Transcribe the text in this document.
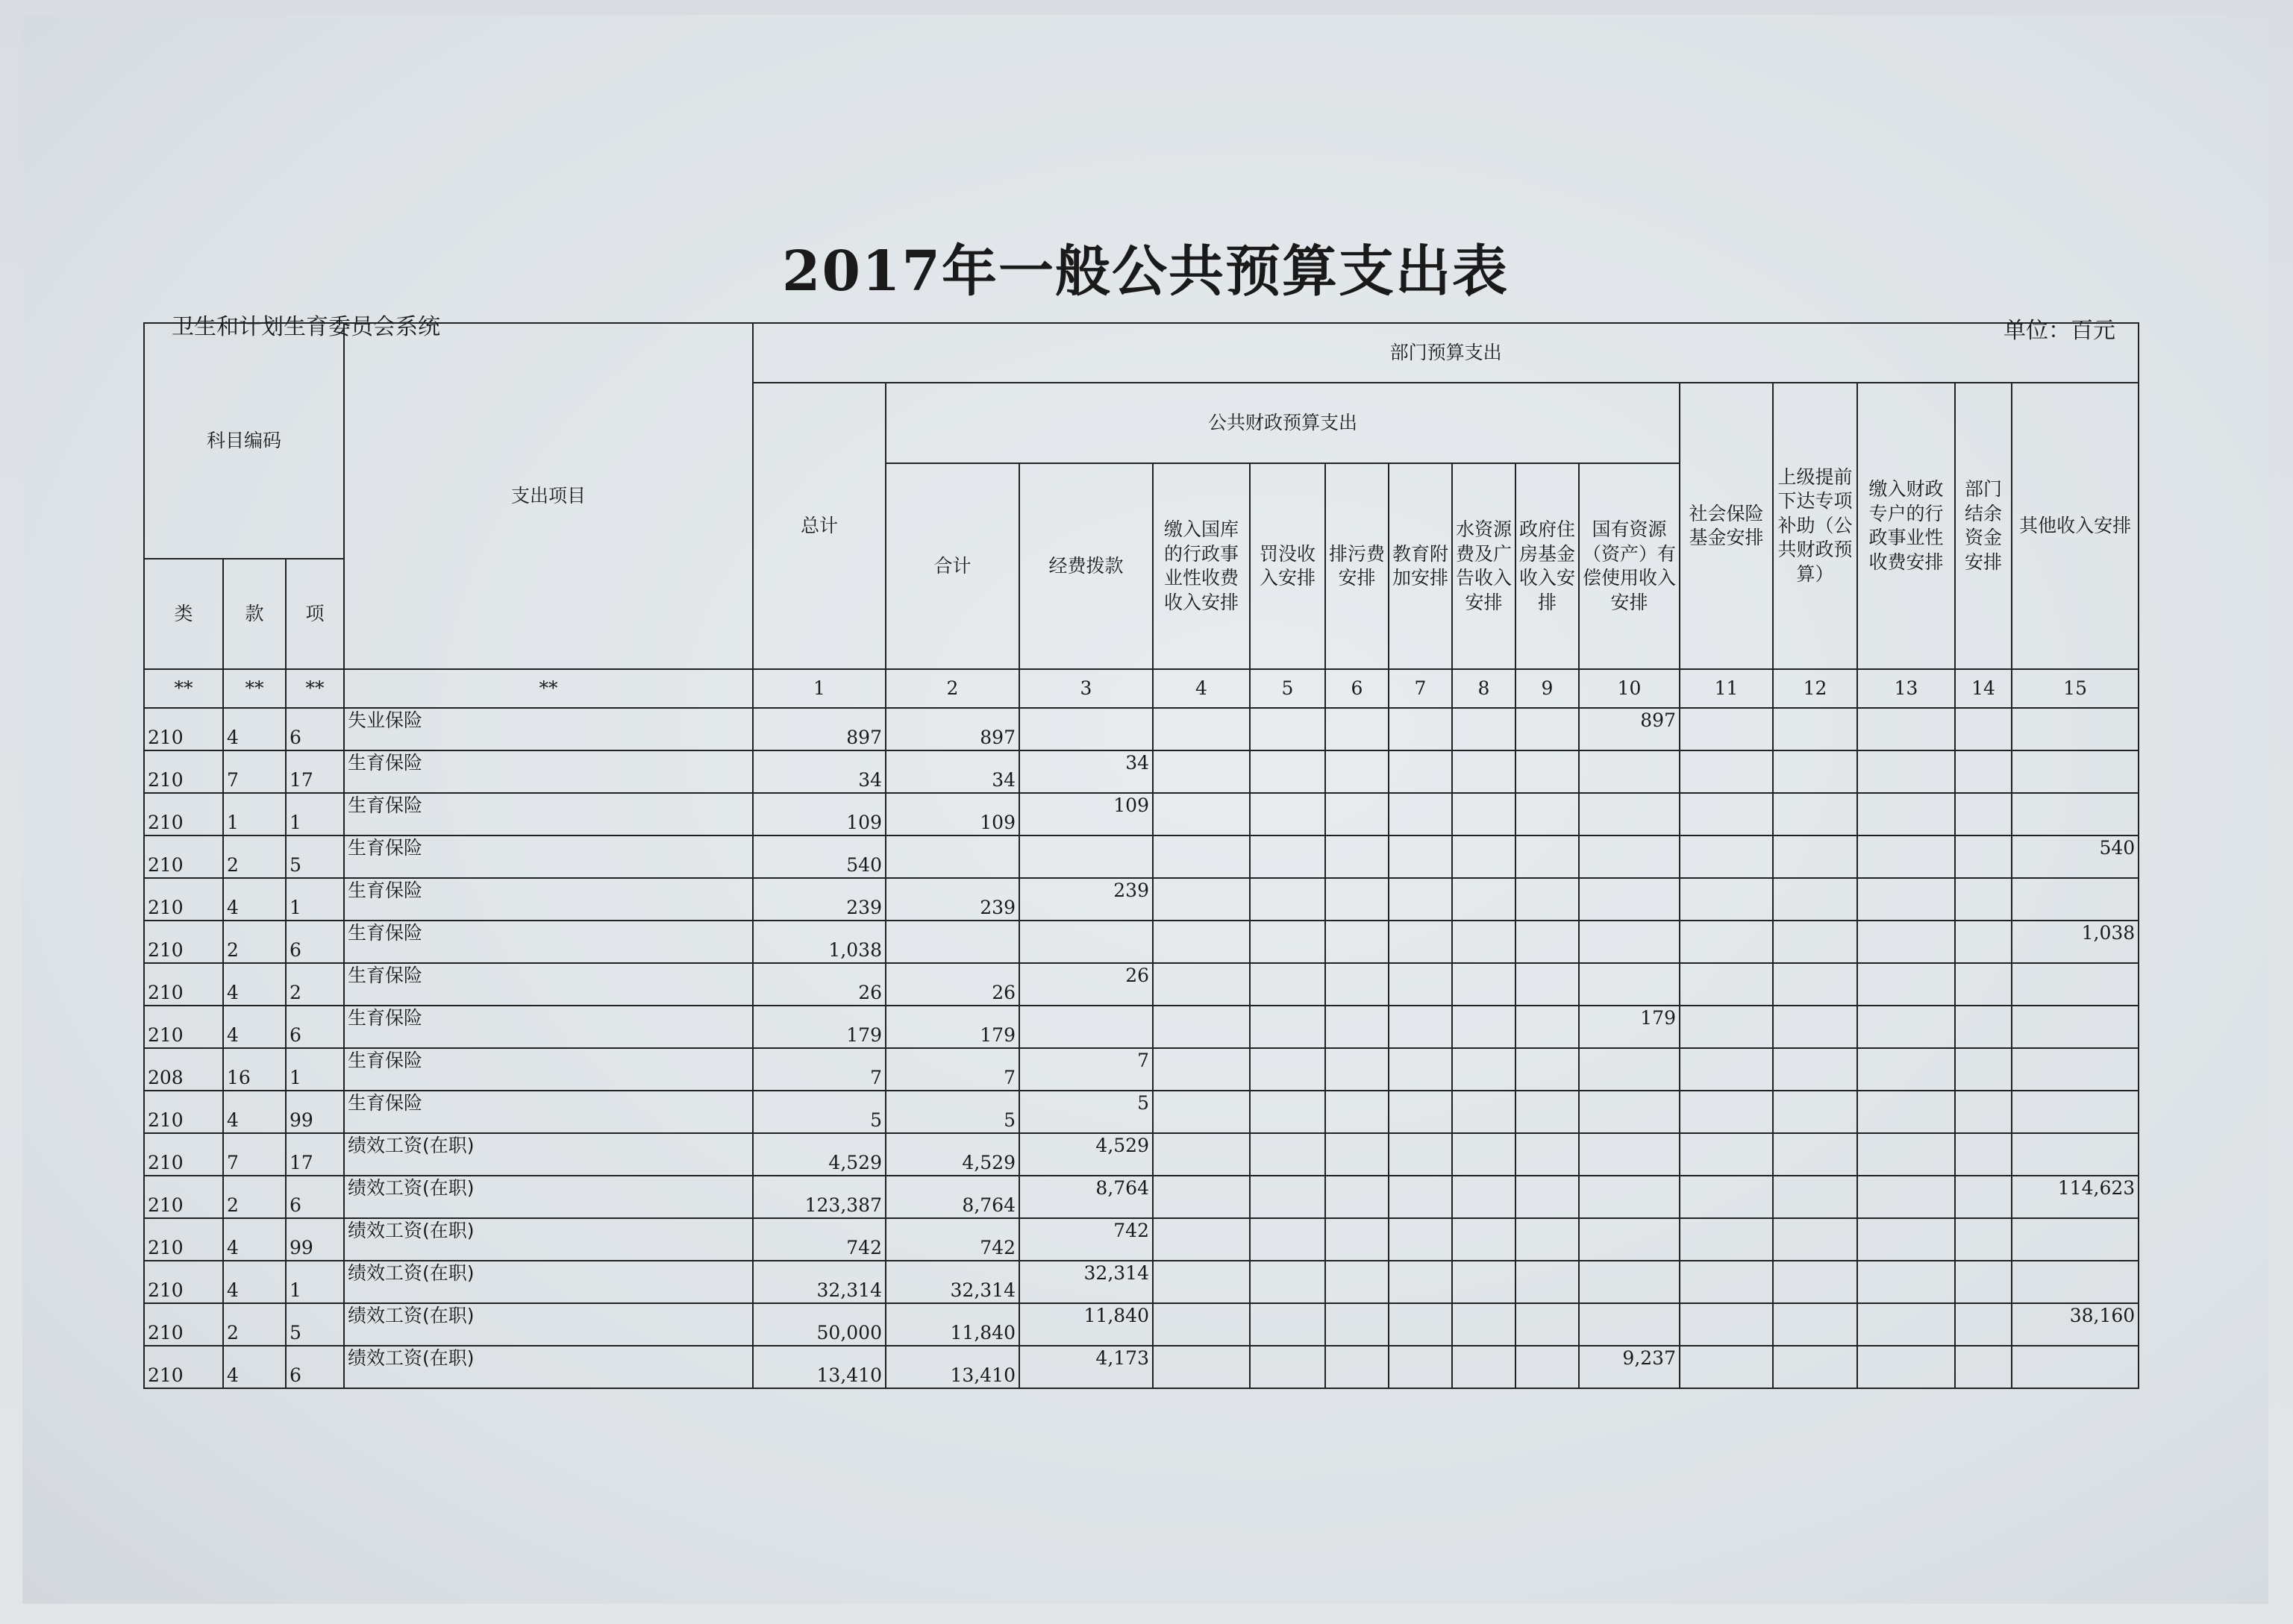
2017年一般公共预算支出表
卫生和计划生育委员会系统	单位：百元
科目编码			支出项目	部门预算支出														
				总计	公共财政预算支出									社会保险基金安排	上级提前下达专项补助（公共财政预算）	缴入财政专户的行政事业性收费安排	部门结余资金安排	其他收入安排
					合计	经费拨款	缴入国库的行政事业性收费收入安排	罚没收入安排	排污费安排	教育附加安排	水资源费及广告收入安排	政府住房基金收入安排	国有资源（资产）有偿使用收入安排					
类	款	项																
**	**	**	**	1	2	3	4	5	6	7	8	9	10	11	12	13	14	15
210	4	6	失业保险	897	897								897					
210	7	17	生育保险	34	34	34												
210	1	1	生育保险	109	109	109												
210	2	5	生育保险	540														540
210	4	1	生育保险	239	239	239												
210	2	6	生育保险	1,038														1,038
210	4	2	生育保险	26	26	26												
210	4	6	生育保险	179	179								179					
208	16	1	生育保险	7	7	7												
210	4	99	生育保险	5	5	5												
210	7	17	绩效工资(在职)	4,529	4,529	4,529												
210	2	6	绩效工资(在职)	123,387	8,764	8,764												114,623
210	4	99	绩效工资(在职)	742	742	742												
210	4	1	绩效工资(在职)	32,314	32,314	32,314												
210	2	5	绩效工资(在职)	50,000	11,840	11,840												38,160
210	4	6	绩效工资(在职)	13,410	13,410	4,173							9,237					
